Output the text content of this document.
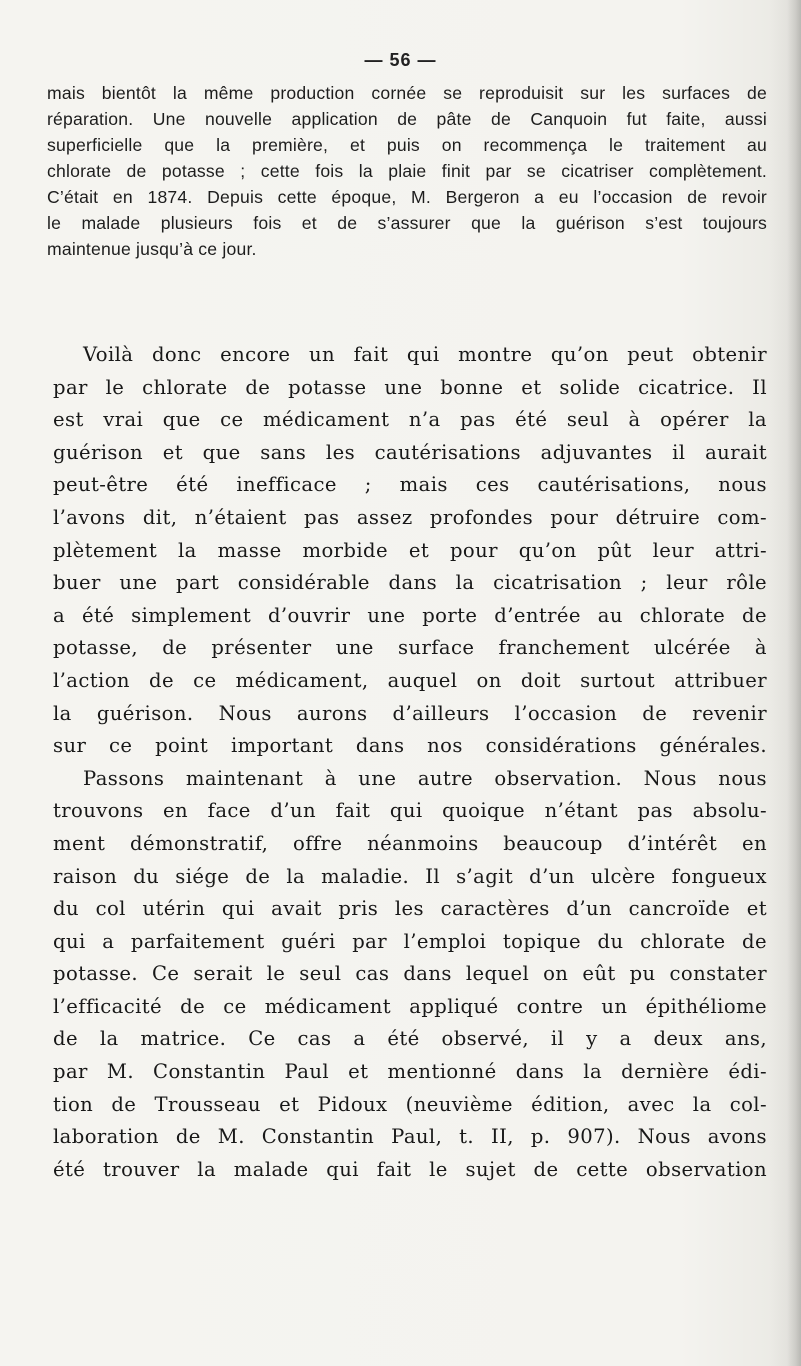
— 56 —
mais bientôt la même production cornée se reproduisit sur les surfaces de
réparation. Une nouvelle application de pâte de Canquoin fut faite, aussi
superficielle que la première, et puis on recommença le traitement au
chlorate de potasse ; cette fois la plaie finit par se cicatriser complètement.
C’était en 1874. Depuis cette époque, M. Bergeron a eu l’occasion de revoir
le malade plusieurs fois et de s’assurer que la guérison s’est toujours
maintenue jusqu’à ce jour.
Voilà donc encore un fait qui montre qu’on peut obtenir
par le chlorate de potasse une bonne et solide cicatrice. Il
est vrai que ce médicament n’a pas été seul à opérer la
guérison et que sans les cautérisations adjuvantes il aurait
peut-être été inefficace ; mais ces cautérisations, nous
l’avons dit, n’étaient pas assez profondes pour détruire com-
plètement la masse morbide et pour qu’on pût leur attri-
buer une part considérable dans la cicatrisation ; leur rôle
a été simplement d’ouvrir une porte d’entrée au chlorate de
potasse, de présenter une surface franchement ulcérée à
l’action de ce médicament, auquel on doit surtout attribuer
la guérison. Nous aurons d’ailleurs l’occasion de revenir
sur ce point important dans nos considérations générales.
Passons maintenant à une autre observation. Nous nous
trouvons en face d’un fait qui quoique n’étant pas absolu-
ment démonstratif, offre néanmoins beaucoup d’intérêt en
raison du siége de la maladie. Il s’agit d’un ulcère fongueux
du col utérin qui avait pris les caractères d’un cancroïde et
qui a parfaitement guéri par l’emploi topique du chlorate de
potasse. Ce serait le seul cas dans lequel on eût pu constater
l’efficacité de ce médicament appliqué contre un épithéliome
de la matrice. Ce cas a été observé, il y a deux ans,
par M. Constantin Paul et mentionné dans la dernière édi-
tion de Trousseau et Pidoux (neuvième édition, avec la col-
laboration de M. Constantin Paul, t. II, p. 907). Nous avons
été trouver la malade qui fait le sujet de cette observation
